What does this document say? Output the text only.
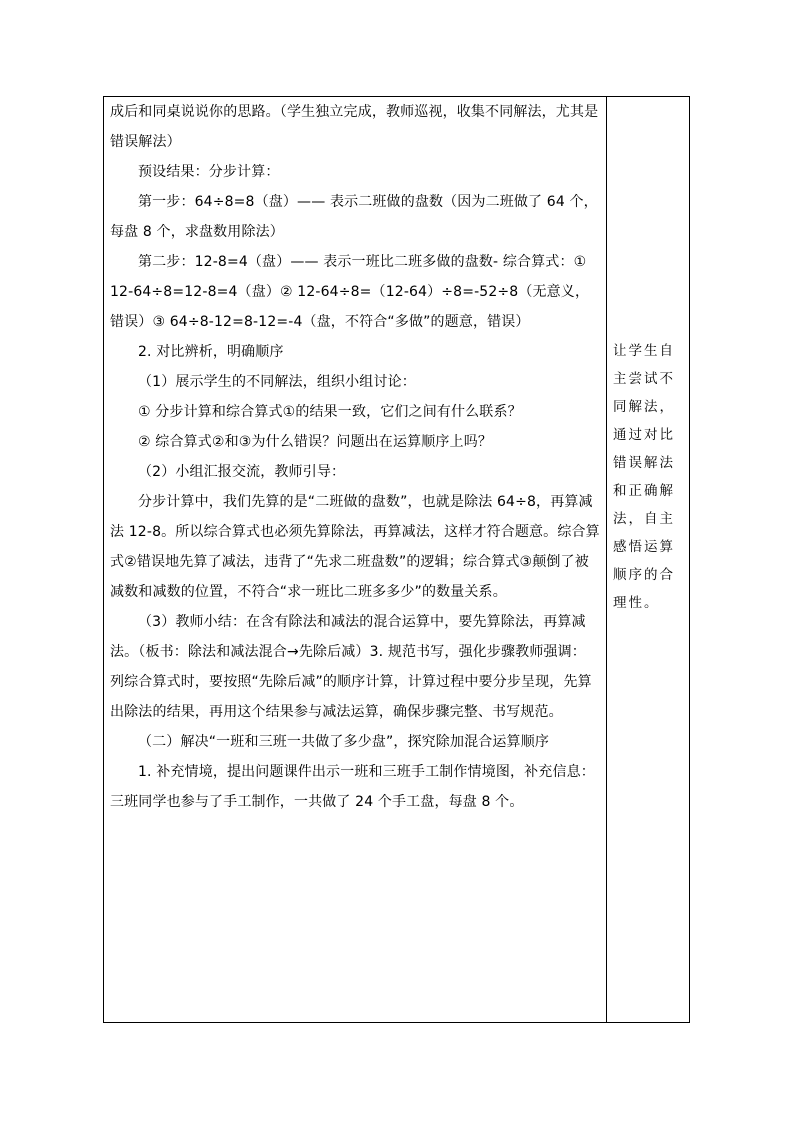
成后和同桌说说你的思路。（学生独立完成，教师巡视，收集不同解法，尤其是错误解法）

预设结果：分步计算：

第一步：64÷8=8（盘）—— 表示二班做的盘数（因为二班做了 64 个，每盘 8 个，求盘数用除法）

第二步：12-8=4（盘）—— 表示一班比二班多做的盘数- 综合算式：① 12-64÷8=12-8=4（盘）② 12-64÷8=（12-64）÷8=-52÷8（无意义，错误）③ 64÷8-12=8-12=-4（盘，不符合“多做”的题意，错误）

2. 对比辨析，明确顺序

（1）展示学生的不同解法，组织小组讨论：

① 分步计算和综合算式①的结果一致，它们之间有什么联系？

② 综合算式②和③为什么错误？问题出在运算顺序上吗？

（2）小组汇报交流，教师引导：

分步计算中，我们先算的是“二班做的盘数”，也就是除法 64÷8，再算减法 12-8。所以综合算式也必须先算除法，再算减法，这样才符合题意。综合算式②错误地先算了减法，违背了“先求二班盘数”的逻辑；综合算式③颠倒了被减数和减数的位置，不符合“求一班比二班多多少”的数量关系。

（3）教师小结：在含有除法和减法的混合运算中，要先算除法，再算减法。（板书：除法和减法混合→先除后减）3. 规范书写，强化步骤教师强调：列综合算式时，要按照“先除后减”的顺序计算，计算过程中要分步呈现，先算出除法的结果，再用这个结果参与减法运算，确保步骤完整、书写规范。

（二）解决“一班和三班一共做了多少盘”，探究除加混合运算顺序

1. 补充情境，提出问题课件出示一班和三班手工制作情境图，补充信息：三班同学也参与了手工制作，一共做了 24 个手工盘，每盘 8 个。

让学生自

主尝试不

同解法，

通过对比

错误解法

和正确解

法，自主

感悟运算

顺序的合

理性。
